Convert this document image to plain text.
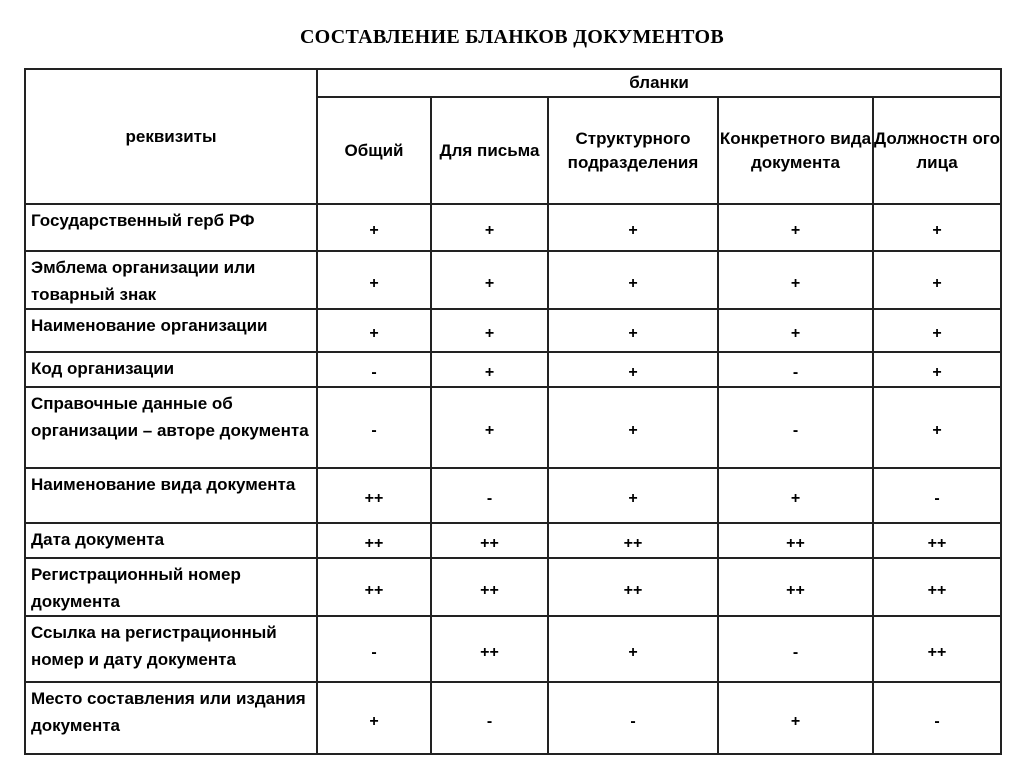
СОСТАВЛЕНИЕ БЛАНКОВ ДОКУМЕНТОВ
реквизиты	бланки				
	Общий	Для письма	Структурного подразделения	Конкретного вида документа	Должностн ого лица
Государственный герб РФ	+	+	+	+	+
Эмблема организации или товарный знак	+	+	+	+	+
Наименование организации	+	+	+	+	+
Код организации	-	+	+	-	+
Справочные данные об организации – авторе документа	-	+	+	-	+
Наименование вида документа	++	-	+	+	-
Дата документа	++	++	++	++	++
Регистрационный номер документа	++	++	++	++	++
Ссылка на регистрационный номер и дату документа	-	++	+	-	++
Место составления или издания документа	+	-	-	+	-
